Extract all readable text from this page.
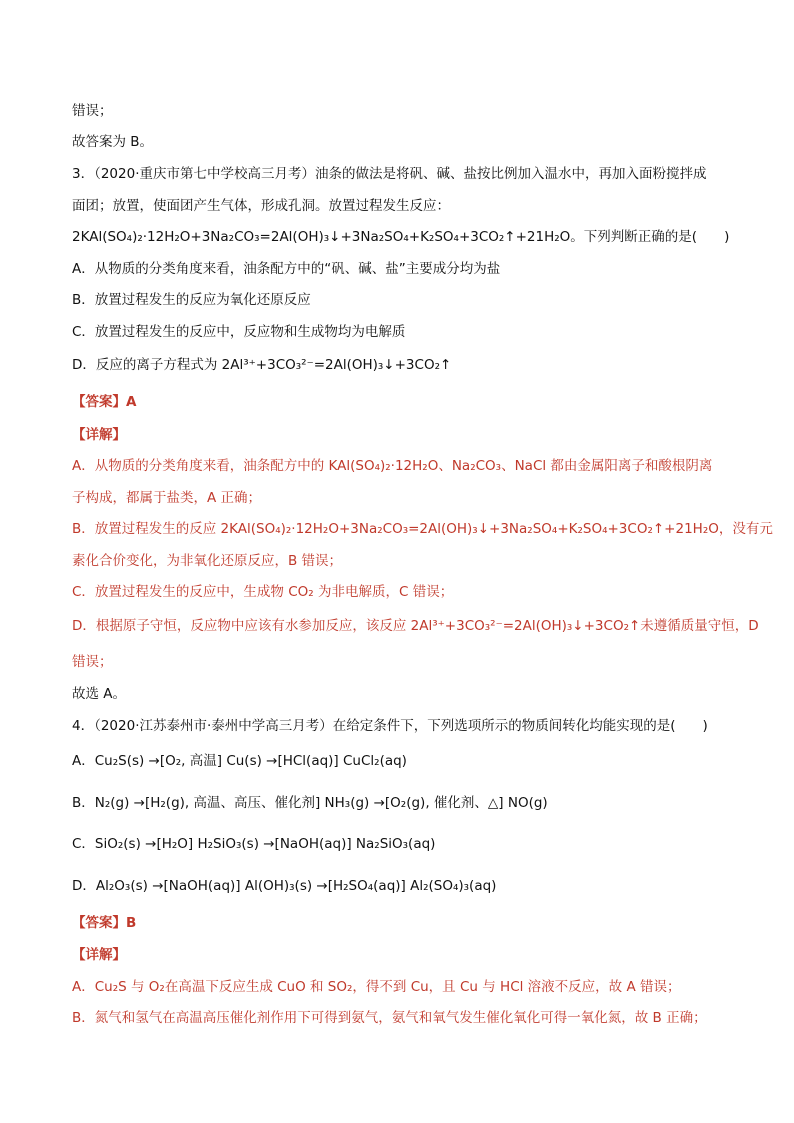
错误；
故答案为 B。
3．（2020·重庆市第七中学校高三月考）油条的做法是将矾、碱、盐按比例加入温水中，再加入面粉搅拌成
面团；放置，使面团产生气体，形成孔洞。放置过程发生反应：
2KAl(SO₄)₂·12H₂O+3Na₂CO₃=2Al(OH)₃↓+3Na₂SO₄+K₂SO₄+3CO₂↑+21H₂O。下列判断正确的是(　　)
A．从物质的分类角度来看，油条配方中的“矾、碱、盐”主要成分均为盐
B．放置过程发生的反应为氧化还原反应
C．放置过程发生的反应中，反应物和生成物均为电解质
D．反应的离子方程式为 2Al³⁺+3CO₃²⁻=2Al(OH)₃↓+3CO₂↑
【答案】A
【详解】
A．从物质的分类角度来看，油条配方中的 KAl(SO₄)₂·12H₂O、Na₂CO₃、NaCl 都由金属阳离子和酸根阴离
子构成，都属于盐类，A 正确；
B．放置过程发生的反应 2KAl(SO₄)₂·12H₂O+3Na₂CO₃=2Al(OH)₃↓+3Na₂SO₄+K₂SO₄+3CO₂↑+21H₂O，没有元
素化合价变化，为非氧化还原反应，B 错误；
C．放置过程发生的反应中，生成物 CO₂ 为非电解质，C 错误；
D．根据原子守恒，反应物中应该有水参加反应，该反应 2Al³⁺+3CO₃²⁻=2Al(OH)₃↓+3CO₂↑未遵循质量守恒，D
错误；
故选 A。
4．（2020·江苏泰州市·泰州中学高三月考）在给定条件下，下列选项所示的物质间转化均能实现的是(　　)
A．Cu₂S(s) →[O₂, 高温] Cu(s) →[HCl(aq)] CuCl₂(aq)
B．N₂(g) →[H₂(g), 高温、高压、催化剂] NH₃(g) →[O₂(g), 催化剂、△] NO(g)
C．SiO₂(s) →[H₂O] H₂SiO₃(s) →[NaOH(aq)] Na₂SiO₃(aq)
D．Al₂O₃(s) →[NaOH(aq)] Al(OH)₃(s) →[H₂SO₄(aq)] Al₂(SO₄)₃(aq)
【答案】B
【详解】
A．Cu₂S 与 O₂在高温下反应生成 CuO 和 SO₂，得不到 Cu，且 Cu 与 HCl 溶液不反应，故 A 错误；
B．氮气和氢气在高温高压催化剂作用下可得到氨气，氨气和氧气发生催化氧化可得一氧化氮，故 B 正确；
